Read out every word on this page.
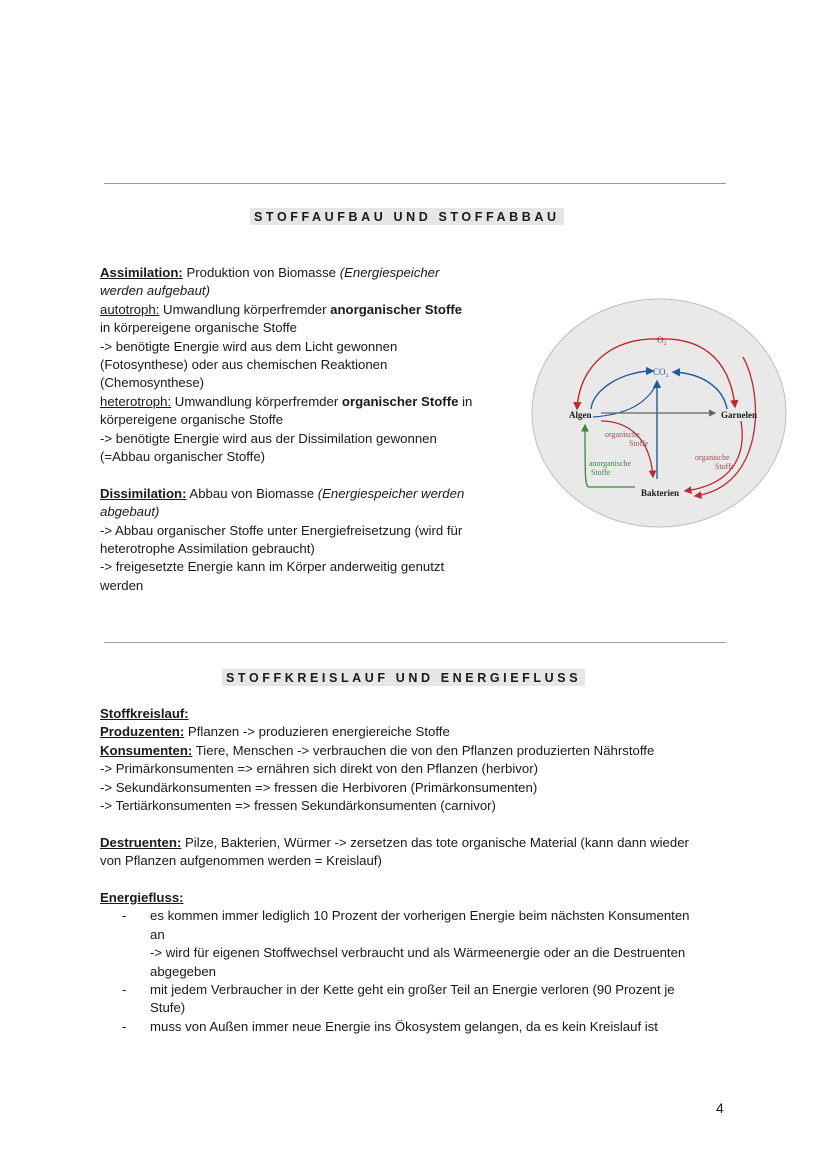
STOFFAUFBAU UND STOFFABBAU
Assimilation: Produktion von Biomasse (Energiespeicher
werden aufgebaut)
autotroph: Umwandlung körperfremder anorganischer Stoffe
in körpereigene organische Stoffe
-> benötigte Energie wird aus dem Licht gewonnen
(Fotosynthese) oder aus chemischen Reaktionen
(Chemosynthese)
heterotroph: Umwandlung körperfremder organischer Stoffe in
körpereigene organische Stoffe
-> benötigte Energie wird aus der Dissimilation gewonnen
(=Abbau organischer Stoffe)
Dissimilation: Abbau von Biomasse (Energiespeicher werden
abgebaut)
-> Abbau organischer Stoffe unter Energiefreisetzung (wird für
heterotrophe Assimilation gebraucht)
-> freigesetzte Energie kann im Körper anderweitig genutzt
werden
O₂
CO₂
Algen	Garnelen
Bakterien
organische
Stoffe
organische
Stoffe
anorganische
Stoffe
STOFFKREISLAUF UND ENERGIEFLUSS
Stoffkreislauf:
Produzenten: Pflanzen -> produzieren energiereiche Stoffe
Konsumenten: Tiere, Menschen -> verbrauchen die von den Pflanzen produzierten Nährstoffe
-> Primärkonsumenten => ernähren sich direkt von den Pflanzen (herbivor)
-> Sekundärkonsumenten => fressen die Herbivoren (Primärkonsumenten)
-> Tertiärkonsumenten => fressen Sekundärkonsumenten (carnivor)
Destruenten: Pilze, Bakterien, Würmer -> zersetzen das tote organische Material (kann dann wieder
von Pflanzen aufgenommen werden = Kreislauf)
Energiefluss:
- es kommen immer lediglich 10 Prozent der vorherigen Energie beim nächsten Konsumenten
an
-> wird für eigenen Stoffwechsel verbraucht und als Wärmeenergie oder an die Destruenten
abgegeben
- mit jedem Verbraucher in der Kette geht ein großer Teil an Energie verloren (90 Prozent je
Stufe)
- muss von Außen immer neue Energie ins Ökosystem gelangen, da es kein Kreislauf ist
4
